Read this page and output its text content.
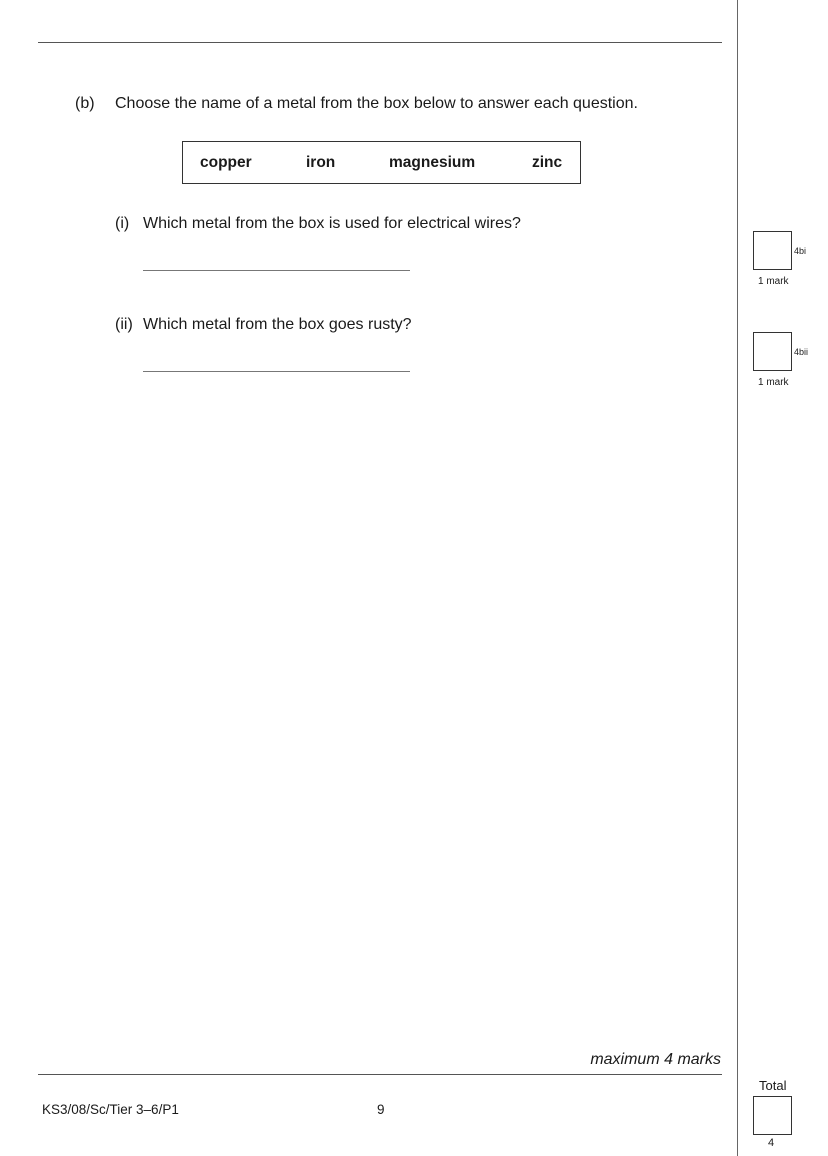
(b) Choose the name of a metal from the box below to answer each question.
copper	iron	magnesium	zinc
(i) Which metal from the box is used for electrical wires?
4bi
1 mark
(ii) Which metal from the box goes rusty?
4bii
1 mark
maximum 4 marks
Total
4
KS3/08/Sc/Tier 3–6/P1	9
